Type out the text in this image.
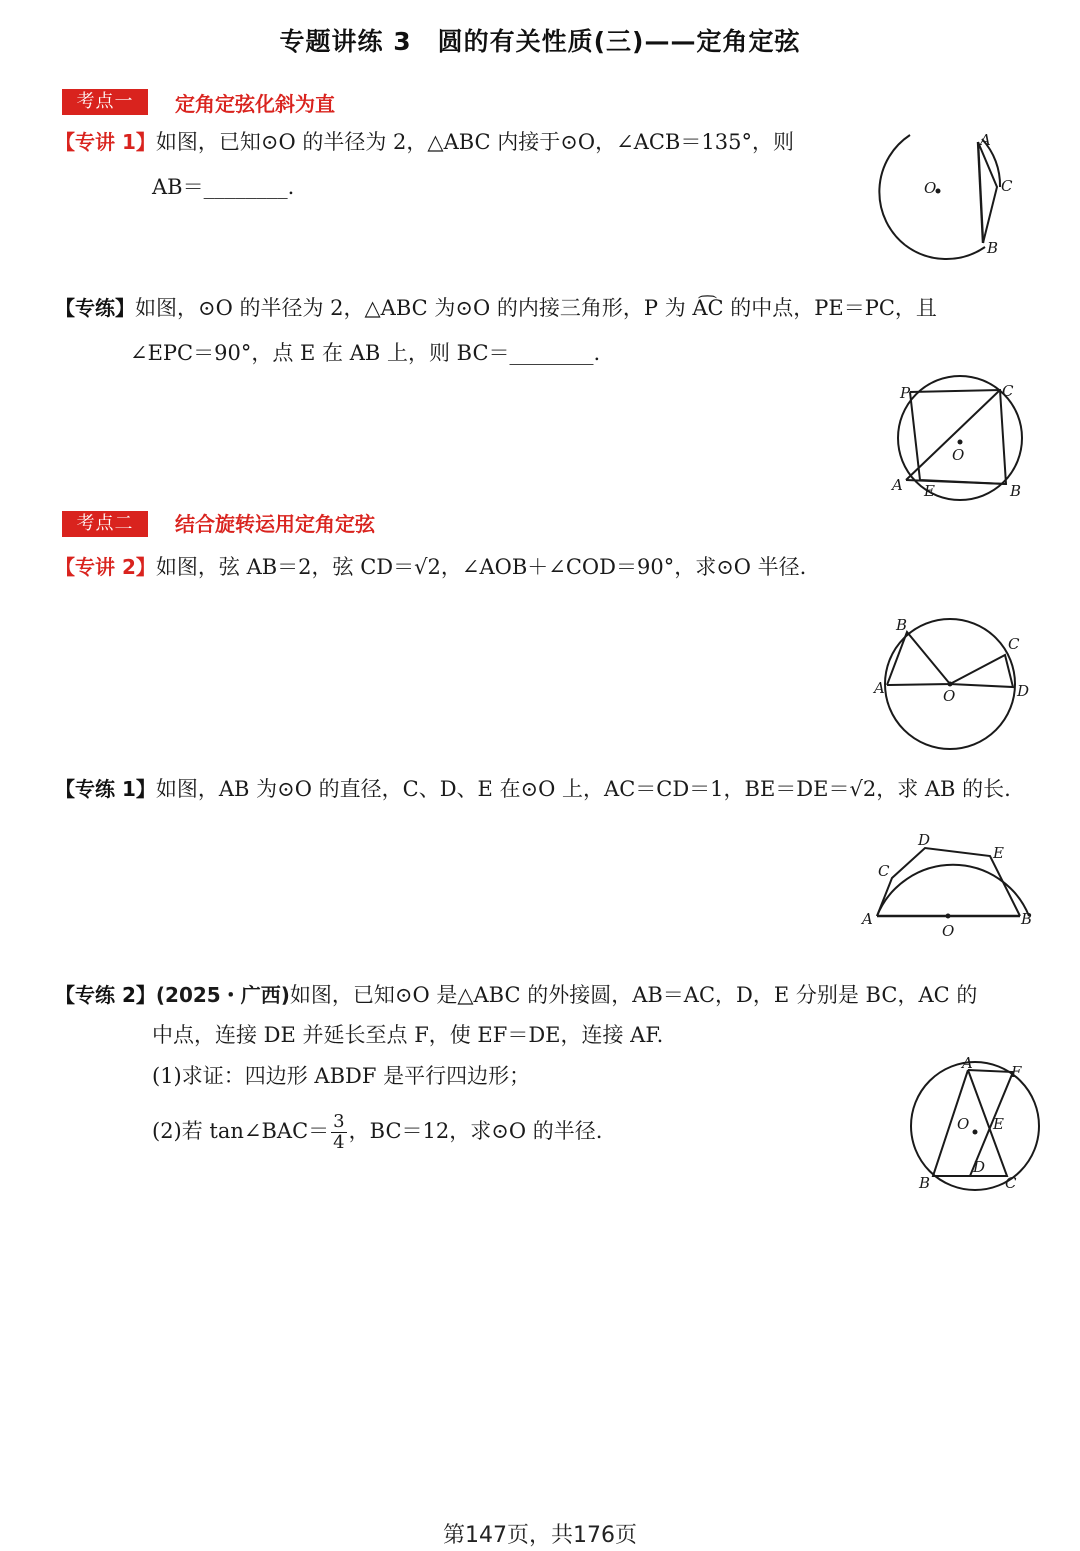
专题讲练 3　圆的有关性质(三)——定角定弦
考点一	定角定弦化斜为直
【专讲 1】如图，已知⊙O 的半径为 2，△ABC 内接于⊙O，∠ACB＝135°，则
AB＝________.
A
C
B
O
【专练】如图，⊙O 的半径为 2，△ABC 为⊙O 的内接三角形，P 为 A͡C 的中点，PE＝PC，且
∠EPC＝90°，点 E 在 AB 上，则 BC＝________.
P	C
O
A E	B
考点二	结合旋转运用定角定弦
【专讲 2】如图，弦 AB＝2，弦 CD＝√2，∠AOB＋∠COD＝90°，求⊙O 半径.
B
C
A	D
O
【专练 1】如图，AB 为⊙O 的直径，C、D、E 在⊙O 上，AC＝CD＝1，BE＝DE＝√2，求 AB 的长.
A
C
D
E
B
O
【专练 2】(2025・广西)如图，已知⊙O 是△ABC 的外接圆，AB＝AC，D，E 分别是 BC，AC 的
中点，连接 DE 并延长至点 F，使 EF＝DE，连接 AF.
(1)求证：四边形 ABDF 是平行四边形；
(2)若 tan∠BAC＝ $\frac{3}{4}$ ，BC＝12，求⊙O 的半径.
A	F
O E
D
B	C
第147页，共176页
